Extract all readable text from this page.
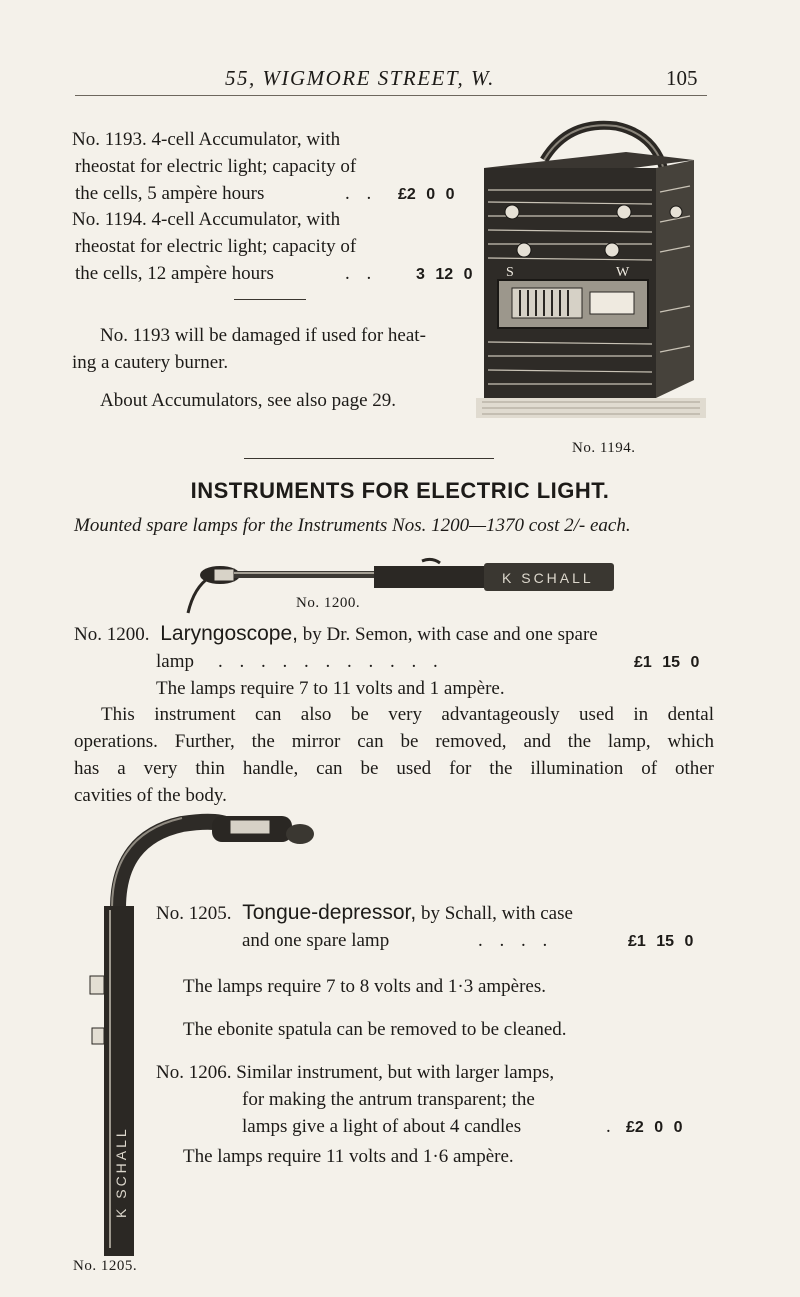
55, WIGMORE STREET, W.	105
No. 1193. 4-cell Accumulator, with
rheostat for electric light; capacity of
the cells, 5 ampère hours	. . £2 0 0
No. 1194. 4-cell Accumulator, with
rheostat for electric light; capacity of
the cells, 12 ampère hours	. . 3 12 0
No. 1193 will be damaged if used for heat-
ing a cautery burner.
About Accumulators, see also page 29.
S	W
No. 1194.
INSTRUMENTS FOR ELECTRIC LIGHT.
Mounted spare lamps for the Instruments Nos. 1200—1370 cost 2/- each.
K SCHALL
No. 1200.
No. 1200. Laryngoscope, by Dr. Semon, with case and one spare
lamp . . . . . . . . . . .	£1 15 0
The lamps require 7 to 11 volts and 1 ampère.
This instrument can also be very advantageously used in dental
operations. Further, the mirror can be removed, and the lamp, which
has a very thin handle, can be used for the illumination of other
cavities of the body.
K SCHALL
No. 1205.
No. 1205. Tongue-depressor, by Schall, with case
and one spare lamp	. . . .	£1 15 0
The lamps require 7 to 8 volts and 1·3 ampères.
The ebonite spatula can be removed to be cleaned.
No. 1206. Similar instrument, but with larger lamps,
for making the antrum transparent; the
lamps give a light of about 4 candles	. £2 0 0
The lamps require 11 volts and 1·6 ampère.
